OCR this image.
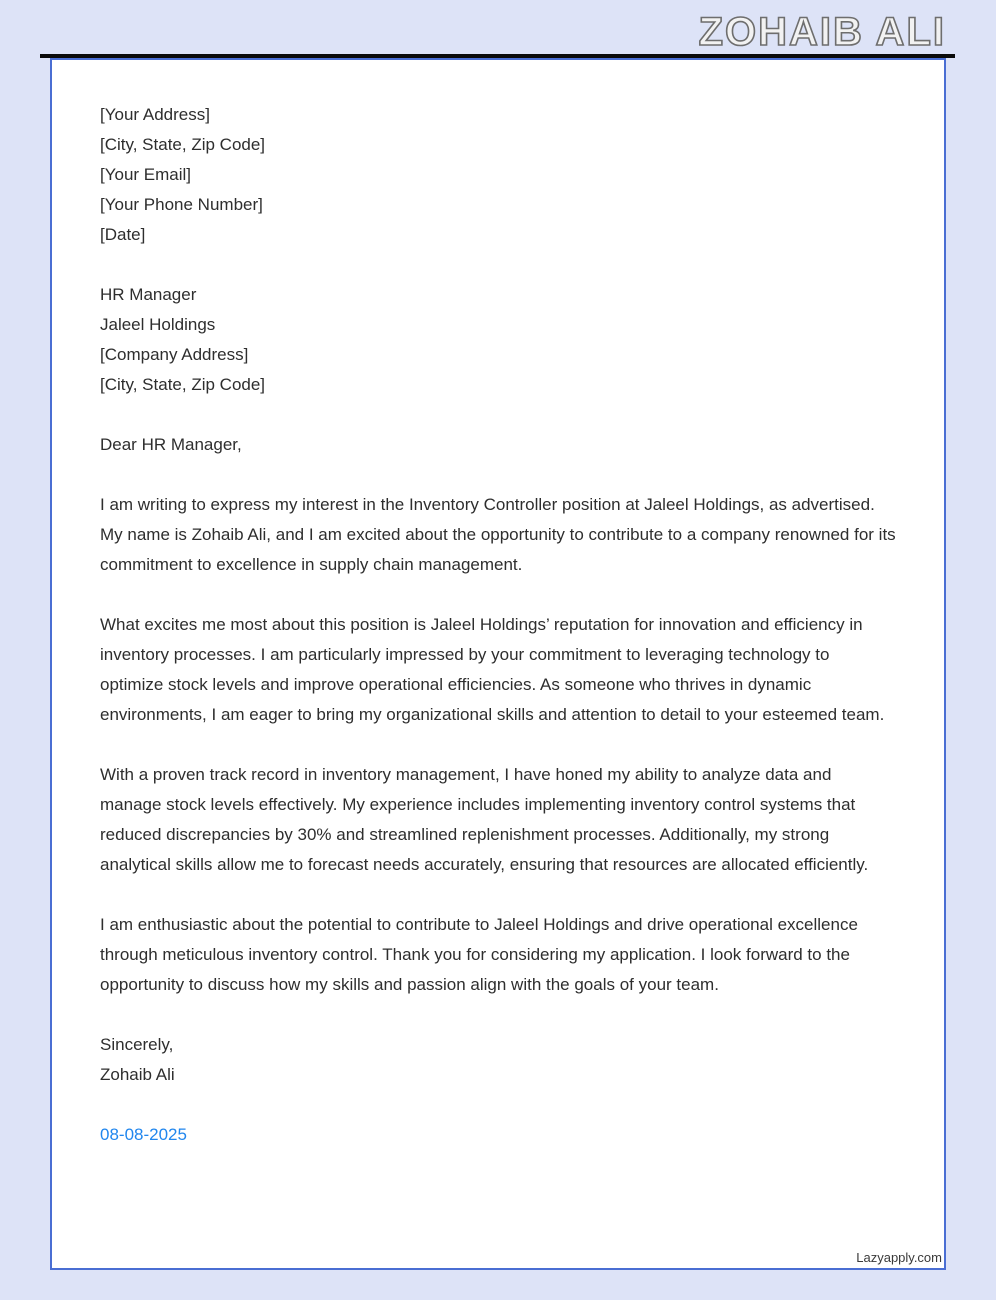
ZOHAIB ALI
[Your Address]
[City, State, Zip Code]
[Your Email]
[Your Phone Number]
[Date]
HR Manager
Jaleel Holdings
[Company Address]
[City, State, Zip Code]
Dear HR Manager,

I am writing to express my interest in the Inventory Controller position at Jaleel Holdings, as advertised. My name is Zohaib Ali, and I am excited about the opportunity to contribute to a company renowned for its commitment to excellence in supply chain management.

What excites me most about this position is Jaleel Holdings’ reputation for innovation and efficiency in inventory processes. I am particularly impressed by your commitment to leveraging technology to optimize stock levels and improve operational efficiencies. As someone who thrives in dynamic environments, I am eager to bring my organizational skills and attention to detail to your esteemed team.

With a proven track record in inventory management, I have honed my ability to analyze data and manage stock levels effectively. My experience includes implementing inventory control systems that reduced discrepancies by 30% and streamlined replenishment processes. Additionally, my strong analytical skills allow me to forecast needs accurately, ensuring that resources are allocated efficiently.

I am enthusiastic about the potential to contribute to Jaleel Holdings and drive operational excellence through meticulous inventory control. Thank you for considering my application. I look forward to the opportunity to discuss how my skills and passion align with the goals of your team.

Sincerely,
Zohaib Ali
08-08-2025
Lazyapply.com
